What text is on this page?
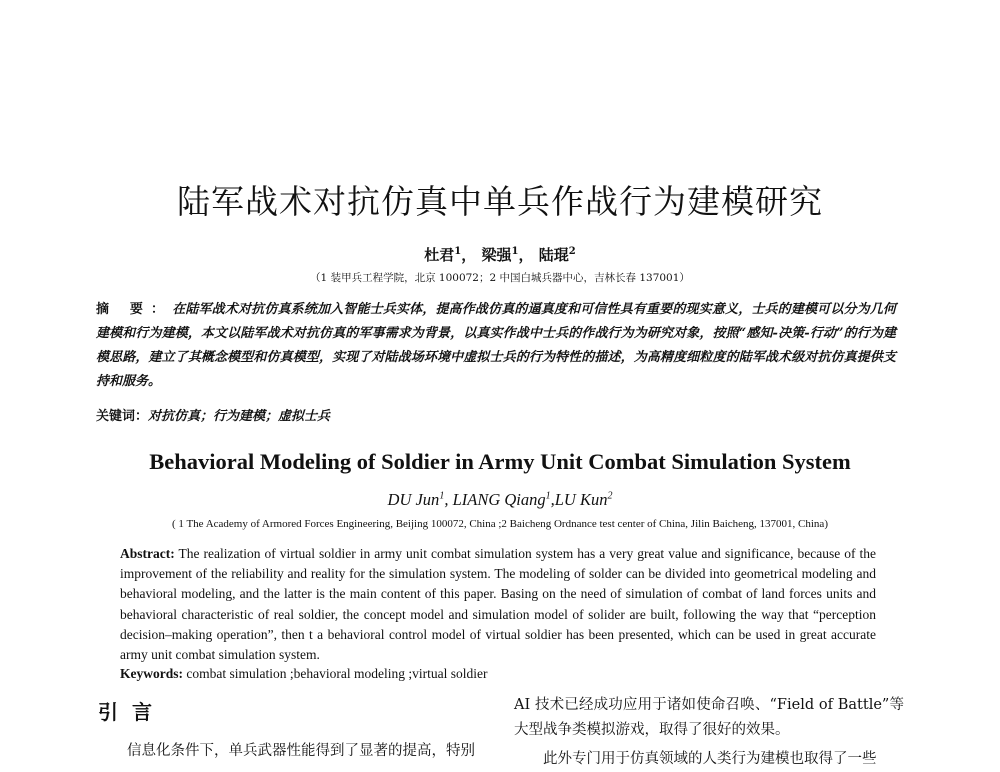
陆军战术对抗仿真中单兵作战行为建模研究

杜君$^1$， 梁强$^1$， 陆琨$^2$

（1 装甲兵工程学院，北京 100072；2 中国白城兵器中心，吉林长春 137001）

摘 要：在陆军战术对抗仿真系统加入智能士兵实体，提高作战仿真的逼真度和可信性具有重要的现实意义，士兵的建模可以分为几何建模和行为建模，本文以陆军战术对抗仿真的军事需求为背景，以真实作战中士兵的作战行为为研究对象，按照“感知-决策-行动”的行为建模思路，建立了其概念模型和仿真模型，实现了对陆战场环境中虚拟士兵的行为特性的描述，为高精度细粒度的陆军战术级对抗仿真提供支持和服务。

关键词：对抗仿真；行为建模；虚拟士兵

Behavioral Modeling of Soldier in Army Unit Combat Simulation System

DU Jun$^1$, LIANG Qiang$^1$,LU Kun$^2$

( 1 The Academy of Armored Forces Engineering, Beijing 100072, China ;2 Baicheng Ordnance test center of China, Jilin Baicheng, 137001, China)

Abstract: The realization of virtual soldier in army unit combat simulation system has a very great value and significance, because of the improvement of the reliability and reality for the simulation system. The modeling of solder can be divided into geometrical modeling and behavioral modeling, and the latter is the main content of this paper. Basing on the need of simulation of combat of land forces units and behavioral characteristic of real soldier, the concept model and simulation model of solider are built, following the way that “perception decision–making operation”, then t a behavioral control model of virtual soldier has been presented, which can be used in great accurate army unit combat simulation system.

Keywords: combat simulation ;behavioral modeling ;virtual soldier

引言

信息化条件下，单兵武器性能得到了显著的提高，特别

AI 技术已经成功应用于诸如使命召唤、“Field of Battle”等大型战争类模拟游戏，取得了很好的效果。

此外专门用于仿真领域的人类行为建模也取得了一些
